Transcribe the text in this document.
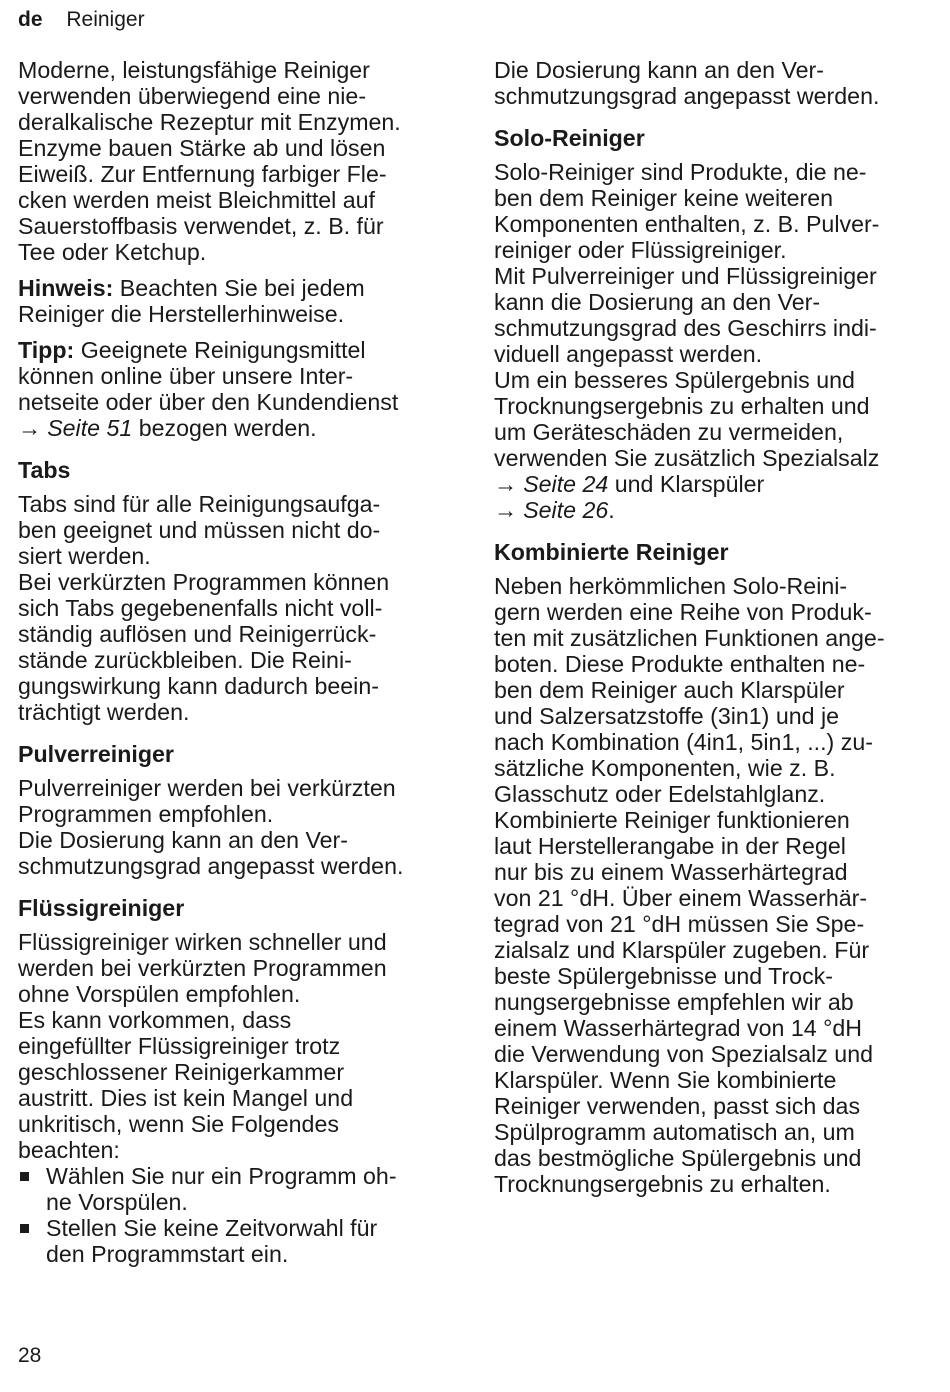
de Reiniger

Moderne, leistungsfähige Reiniger
verwenden überwiegend eine nie-
deralkalische Rezeptur mit Enzymen.
Enzyme bauen Stärke ab und lösen
Eiweiß. Zur Entfernung farbiger Fle-
cken werden meist Bleichmittel auf
Sauerstoffbasis verwendet, z. B. für
Tee oder Ketchup.

Hinweis: Beachten Sie bei jedem
Reiniger die Herstellerhinweise.

Tipp: Geeignete Reinigungsmittel
können online über unsere Inter-
netseite oder über den Kundendienst
→ Seite 51 bezogen werden.

Tabs

Tabs sind für alle Reinigungsaufga-
ben geeignet und müssen nicht do-
siert werden.
Bei verkürzten Programmen können
sich Tabs gegebenenfalls nicht voll-
ständig auflösen und Reinigerrück-
stände zurückbleiben. Die Reini-
gungswirkung kann dadurch beein-
trächtigt werden.

Pulverreiniger

Pulverreiniger werden bei verkürzten
Programmen empfohlen.
Die Dosierung kann an den Ver-
schmutzungsgrad angepasst werden.

Flüssigreiniger

Flüssigreiniger wirken schneller und
werden bei verkürzten Programmen
ohne Vorspülen empfohlen.
Es kann vorkommen, dass
eingefüllter Flüssigreiniger trotz
geschlossener Reinigerkammer
austritt. Dies ist kein Mangel und
unkritisch, wenn Sie Folgendes
beachten:

Wählen Sie nur ein Programm oh-
ne Vorspülen.
Stellen Sie keine Zeitvorwahl für
den Programmstart ein.

Die Dosierung kann an den Ver-
schmutzungsgrad angepasst werden.

Solo-Reiniger

Solo-Reiniger sind Produkte, die ne-
ben dem Reiniger keine weiteren
Komponenten enthalten, z. B. Pulver-
reiniger oder Flüssigreiniger.
Mit Pulverreiniger und Flüssigreiniger
kann die Dosierung an den Ver-
schmutzungsgrad des Geschirrs indi-
viduell angepasst werden.
Um ein besseres Spülergebnis und
Trocknungsergebnis zu erhalten und
um Geräteschäden zu vermeiden,
verwenden Sie zusätzlich Spezialsalz
→ Seite 24 und Klarspüler
→ Seite 26.

Kombinierte Reiniger

Neben herkömmlichen Solo-Reini-
gern werden eine Reihe von Produk-
ten mit zusätzlichen Funktionen ange-
boten. Diese Produkte enthalten ne-
ben dem Reiniger auch Klarspüler
und Salzersatzstoffe (3in1) und je
nach Kombination (4in1, 5in1, ...) zu-
sätzliche Komponenten, wie z. B.
Glasschutz oder Edelstahlglanz.
Kombinierte Reiniger funktionieren
laut Herstellerangabe in der Regel
nur bis zu einem Wasserhärtegrad
von 21 °dH. Über einem Wasserhär-
tegrad von 21 °dH müssen Sie Spe-
zialsalz und Klarspüler zugeben. Für
beste Spülergebnisse und Trock-
nungsergebnisse empfehlen wir ab
einem Wasserhärtegrad von 14 °dH
die Verwendung von Spezialsalz und
Klarspüler. Wenn Sie kombinierte
Reiniger verwenden, passt sich das
Spülprogramm automatisch an, um
das bestmögliche Spülergebnis und
Trocknungsergebnis zu erhalten.

28
